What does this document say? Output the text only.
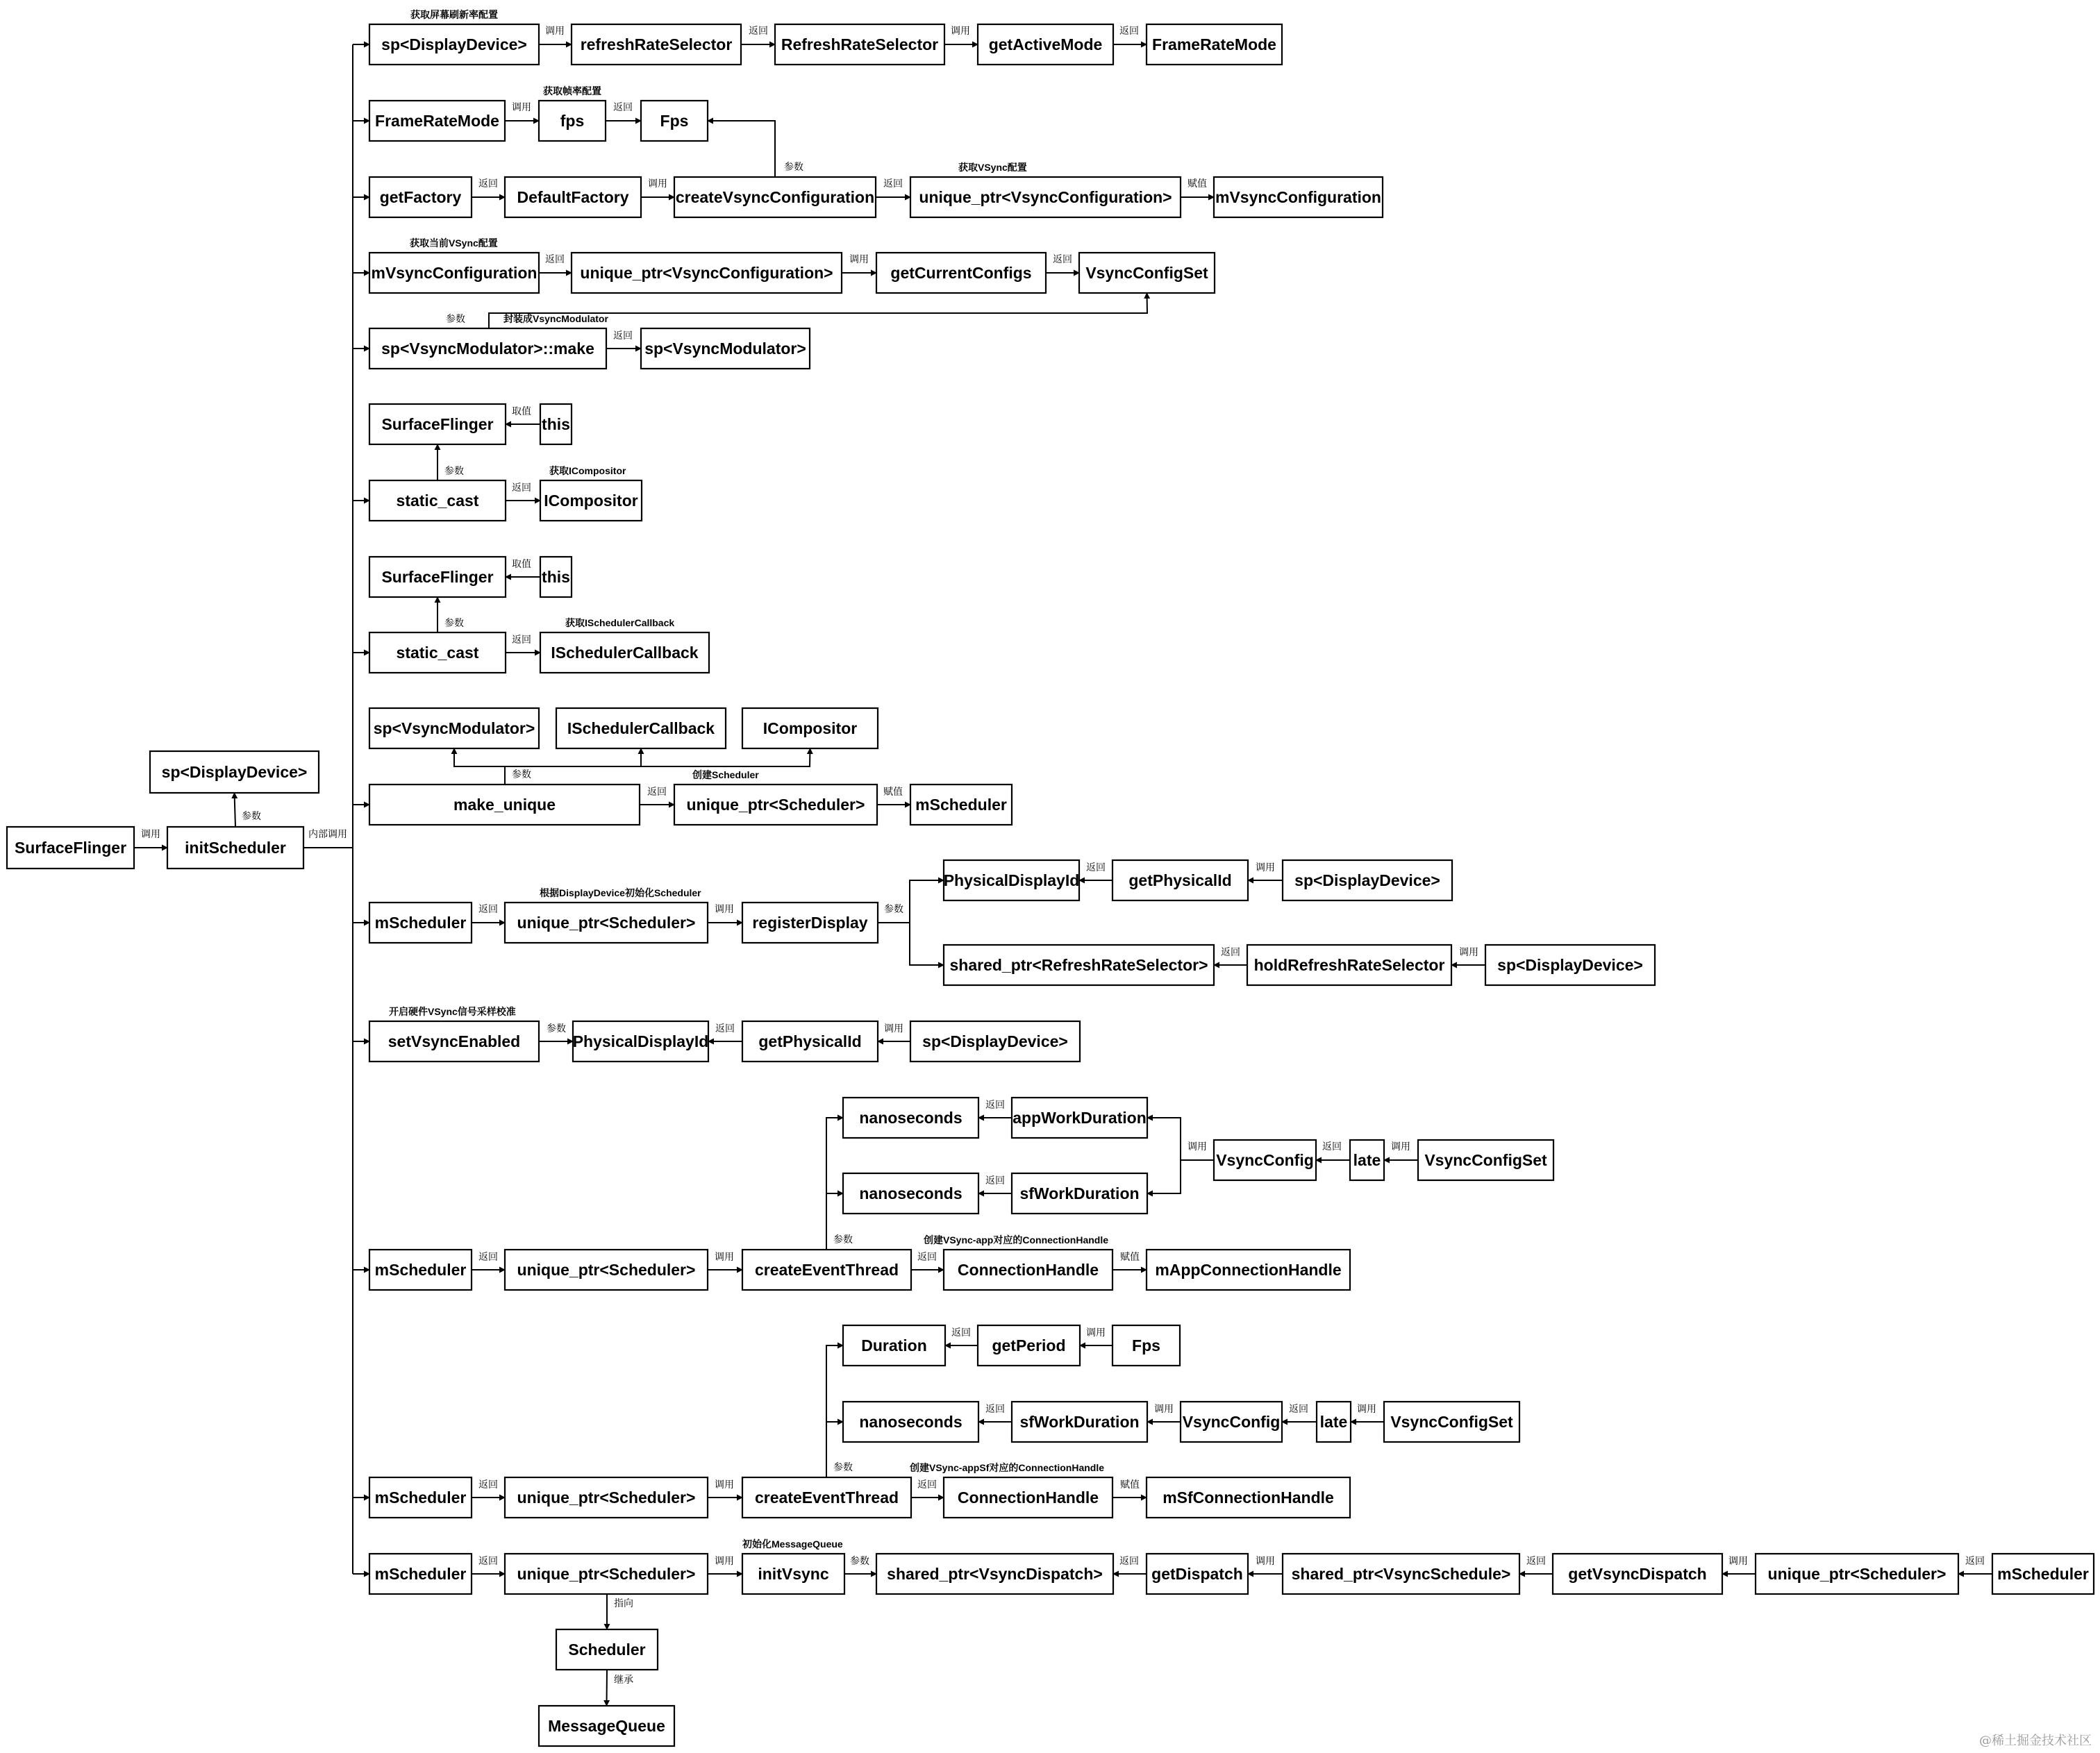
SurfaceFlinger	initScheduler
sp<DisplayDevice>
sp<DisplayDevice>	refreshRateSelector	RefreshRateSelector	getActiveMode	FrameRateMode
FrameRateMode	fps	Fps
getFactory	DefaultFactory	createVsyncConfiguration	unique_ptr<VsyncConfiguration>	mVsyncConfiguration
mVsyncConfiguration	unique_ptr<VsyncConfiguration>	getCurrentConfigs	VsyncConfigSet
sp<VsyncModulator>::make	sp<VsyncModulator>
SurfaceFlinger	this
static_cast	ICompositor
SurfaceFlinger	this
static_cast	ISchedulerCallback
sp<VsyncModulator> ISchedulerCallback	ICompositor
make_unique	unique_ptr<Scheduler>	mScheduler
mScheduler	unique_ptr<Scheduler>	registerDisplay
PhysicalDisplayId	getPhysicalId	sp<DisplayDevice>
shared_ptr<RefreshRateSelector>	holdRefreshRateSelector	sp<DisplayDevice>
setVsyncEnabled	PhysicalDisplayId	getPhysicalId	sp<DisplayDevice>
nanoseconds	appWorkDuration
nanoseconds	sfWorkDuration
VsyncConfig late	VsyncConfigSet
mScheduler	unique_ptr<Scheduler>	createEventThread	ConnectionHandle	mAppConnectionHandle
Duration	getPeriod	Fps
nanoseconds	sfWorkDuration	VsyncConfig late	VsyncConfigSet
mScheduler	unique_ptr<Scheduler>	createEventThread	ConnectionHandle	mSfConnectionHandle
mScheduler	unique_ptr<Scheduler>	initVsync	shared_ptr<VsyncDispatch>	getDispatch	shared_ptr<VsyncSchedule>	getVsyncDispatch	unique_ptr<Scheduler>	mScheduler
Scheduler
MessageQueue
调用
参数
内部调用
调用	返回	调用	返回
调用	返回
返回	调用	返回	赋值
参数
返回	调用	返回
参数
返回
取值
参数
返回
取值
参数
返回
参数
返回	赋值
返回	调用	参数
返回	调用
返回	调用
参数	返回	调用
返回
返回
调用	返回	调用
返回	调用
参数
返回	赋值
返回	调用
返回	调用	返回	调用
返回	调用
参数
返回	赋值
返回	调用	参数	返回	调用	返回	调用	返回
指向
继承
获取屏幕刷新率配置
获取帧率配置
获取VSync配置
获取当前VSync配置
封装成VsyncModulator
获取ICompositor
获取ISchedulerCallback
创建Scheduler
根据DisplayDevice初始化Scheduler
开启硬件VSync信号采样校准
创建VSync-app对应的ConnectionHandle
创建VSync-appSf对应的ConnectionHandle
初始化MessageQueue
@稀土掘金技术社区
